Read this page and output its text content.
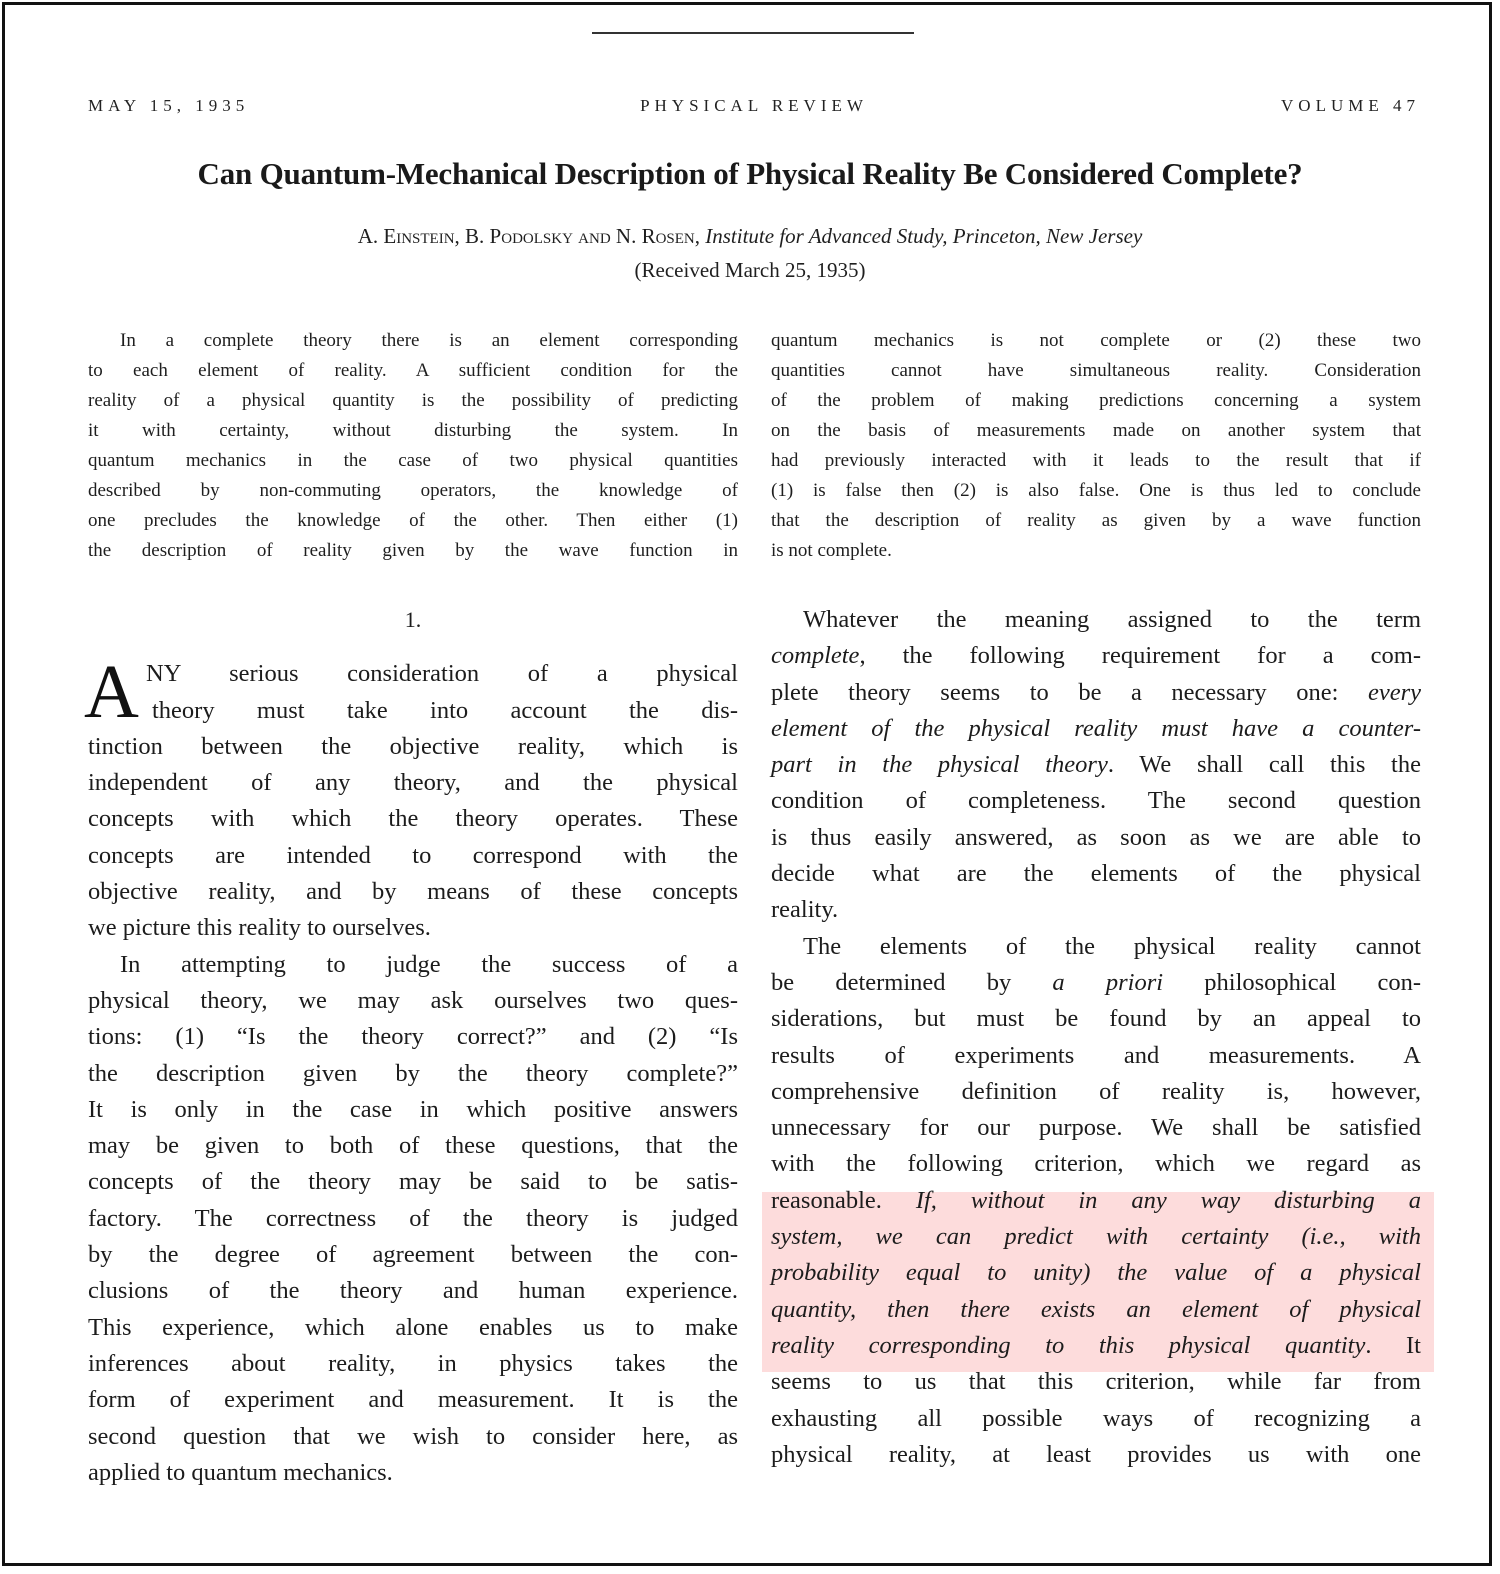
MAY 15, 1935	PHYSICAL REVIEW	VOLUME 47
Can Quantum-Mechanical Description of Physical Reality Be Considered Complete?
A. Einstein, B. Podolsky and N. Rosen, Institute for Advanced Study, Princeton, New Jersey
(Received March 25, 1935)
In a complete theory there is an element corresponding
to each element of reality. A sufficient condition for the
reality of a physical quantity is the possibility of predicting
it with certainty, without disturbing the system. In
quantum mechanics in the case of two physical quantities
described by non-commuting operators, the knowledge of
one precludes the knowledge of the other. Then either (1)
the description of reality given by the wave function in
quantum mechanics is not complete or (2) these two
quantities cannot have simultaneous reality. Consideration
of the problem of making predictions concerning a system
on the basis of measurements made on another system that
had previously interacted with it leads to the result that if
(1) is false then (2) is also false. One is thus led to conclude
that the description of reality as given by a wave function
is not complete.
1.
A NY serious consideration of a physical
theory must take into account the dis-
tinction between the objective reality, which is
independent of any theory, and the physical
concepts with which the theory operates. These
concepts are intended to correspond with the
objective reality, and by means of these concepts
we picture this reality to ourselves.
In attempting to judge the success of a
physical theory, we may ask ourselves two ques-
tions: (1) “Is the theory correct?” and (2) “Is
the description given by the theory complete?”
It is only in the case in which positive answers
may be given to both of these questions, that the
concepts of the theory may be said to be satis-
factory. The correctness of the theory is judged
by the degree of agreement between the con-
clusions of the theory and human experience.
This experience, which alone enables us to make
inferences about reality, in physics takes the
form of experiment and measurement. It is the
second question that we wish to consider here, as
applied to quantum mechanics.
Whatever the meaning assigned to the term
complete, the following requirement for a com-
plete theory seems to be a necessary one: every
element of the physical reality must have a counter-
part in the physical theory. We shall call this the
condition of completeness. The second question
is thus easily answered, as soon as we are able to
decide what are the elements of the physical
reality.
The elements of the physical reality cannot
be determined by a priori philosophical con-
siderations, but must be found by an appeal to
results of experiments and measurements. A
comprehensive definition of reality is, however,
unnecessary for our purpose. We shall be satisfied
with the following criterion, which we regard as
reasonable. If, without in any way disturbing a
system, we can predict with certainty (i.e., with
probability equal to unity) the value of a physical
quantity, then there exists an element of physical
reality corresponding to this physical quantity. It
seems to us that this criterion, while far from
exhausting all possible ways of recognizing a
physical reality, at least provides us with one
